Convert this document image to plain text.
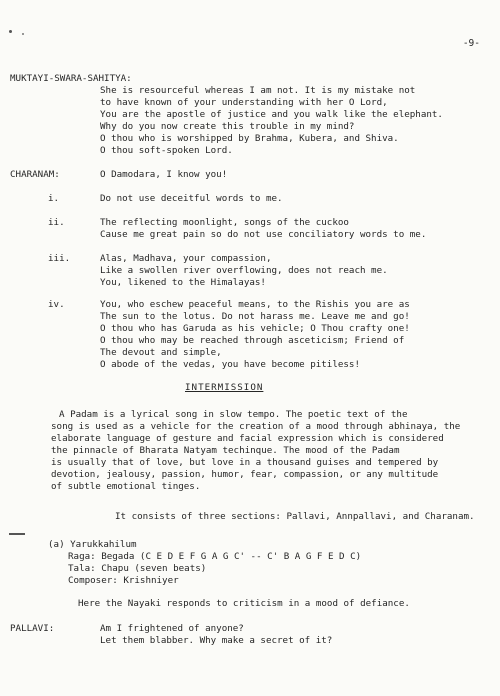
-9-
MUKTAYI-SWARA-SAHITYA:
She is resourceful whereas I am not. It is my mistake not
to have known of your understanding with her O Lord,
You are the apostle of justice and you walk like the elephant.
Why do you now create this trouble in my mind?
O thou who is worshipped by Brahma, Kubera, and Shiva.
O thou soft-spoken Lord.
CHARANAM:	O Damodara, I know you!
i.	Do not use deceitful words to me.
ii.	The reflecting moonlight, songs of the cuckoo
Cause me great pain so do not use conciliatory words to me.
iii.	Alas, Madhava, your compassion,
Like a swollen river overflowing, does not reach me.
You, likened to the Himalayas!
iv.	You, who eschew peaceful means, to the Rishis you are as
The sun to the lotus. Do not harass me. Leave me and go!
O thou who has Garuda as his vehicle; O Thou crafty one!
O thou who may be reached through asceticism; Friend of
The devout and simple,
O abode of the vedas, you have become pitiless!
INTERMISSION
A Padam is a lyrical song in slow tempo. The poetic text of the
song is used as a vehicle for the creation of a mood through abhinaya, the
elaborate language of gesture and facial expression which is considered
the pinnacle of Bharata Natyam techinque. The mood of the Padam
is usually that of love, but love in a thousand guises and tempered by
devotion, jealousy, passion, humor, fear, compassion, or any multitude
of subtle emotional tinges.
It consists of three sections: Pallavi, Annpallavi, and Charanam.
(a) Yarukkahilum
Raga: Begada (C E D E F G A G C' -- C' B A G F E D C)
Tala: Chapu (seven beats)
Composer: Krishniyer
Here the Nayaki responds to criticism in a mood of defiance.
PALLAVI:	Am I frightened of anyone?
Let them blabber. Why make a secret of it?
